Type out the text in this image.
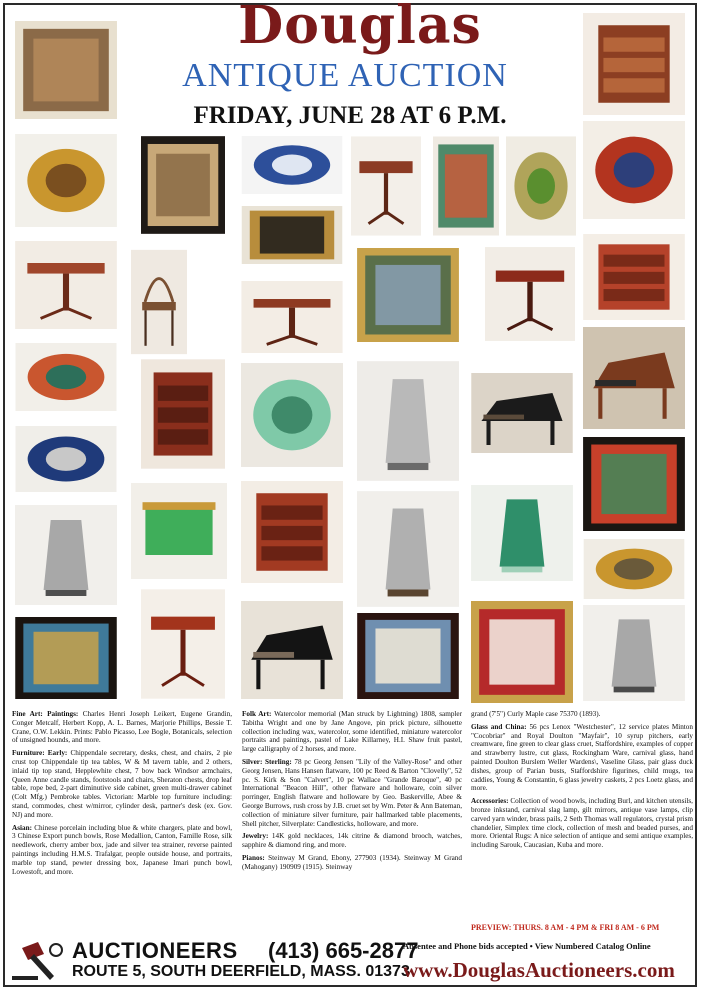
Douglas
ANTIQUE AUCTION
FRIDAY, JUNE 28 AT 6 P.M.

Fine Art: Paintings: Charles Henri Joseph Leikert, Eugene Grandin, Conger Metcalf, Herbert Kopp, A. L. Barnes, Marjorie Phillips, Bessie T. Crane, O.W. Lekkin. Prints: Pablo Picasso, Lee Bogle, Botanicals, selection of unsigned hounds, and more.

Furniture: Early: Chippendale secretary, desks, chest, and chairs, 2 pie crust top Chippendale tip tea tables, W & M tavern table, and 2 others, inlaid tip top stand, Hepplewhite chest, 7 bow back Windsor armchairs, Queen Anne candle stands, footstools and chairs, Sheraton chests, drop leaf table, rope bed, 2-part diminutive side cabinet, green multi-drawer cabinet (Colt Mfg.) Pembroke tables. Victorian: Marble top furniture including: stand, commodes, chest w/mirror, cylinder desk, partner's desk (ex. Gov. NJ) and more.

Asian: Chinese porcelain including blue & white chargers, plate and bowl, 3 Chinese Export punch bowls, Rose Medallion, Canton, Famille Rose, silk needlework, cherry amber box, jade and silver tea strainer, reverse painted paintings including H.M.S. Trafalgar, people outside house, and portraits, marble top stand, pewter dressing box, Japanese Imari punch bowl, Lowestoft, and more.

Folk Art: Watercolor memorial (Man struck by Lightning) 1808, sampler Tabitha Wright and one by Jane Angove, pin prick picture, silhouette collection including wax, watercolor, some identified, miniature watercolor portraits and paintings, pastel of Lake Killarney, H.I. Shaw fruit pastel, large calligraphy of 2 horses, and more.

Silver: Sterling: 78 pc Georg Jensen "Lily of the Valley-Rose" and other Georg Jensen, Hans Hansen flatware, 100 pc Reed & Barton "Clovelly", 52 pc. S. Kirk & Son "Calvert", 10 pc Wallace "Grande Baroque", 40 pc International "Beacon Hill", other flatware and holloware, coin silver porringer, English flatware and holloware by Geo. Baskerville, Abee & George Burrows, rush cross by J.B. cruet set by Wm. Peter & Ann Bateman, collection of miniature silver furniture, pair hallmarked table placements, Shell pitcher, Silverplate: Candlesticks, holloware, and more.

Jewelry: 14K gold necklaces, 14k citrine & diamond brooch, watches, sapphire & diamond ring, and more.

Pianos: Steinway M Grand, Ebony, 277903 (1934). Steinway M Grand (Mahogany) 190909 (1915). Steinway

grand (7'5") Curly Maple case 75370 (1893).

Glass and China: 56 pcs Lenox "Westchester", 12 service plates Minton "Cocobriar" and Royal Doulton "Mayfair", 10 syrup pitchers, early creamware, fine green to clear glass cruet, Staffordshire, examples of copper and strawberry lustre, cut glass, Rockingham Ware, carnival glass, hand painted Doulton Burslem Weller Wardens\, Vaseline Glass, pair glass duck dishes, group of Parian busts, Staffordshire figurines, child mugs, tea caddies, Young & Constantin, 6 glass jewelry caskets, 2 pcs Loetz glass, and more.

Accessories: Collection of wood bowls, including Burl, and kitchen utensils, bronze inkstand, carnival slag lamp, gilt mirrors, antique vase lamps, clip carved yarn winder, brass pails, 2 Seth Thomas wall regulators, crystal prism chandelier, Simplex time clock, collection of mesh and beaded purses, and more. Oriental Rugs: A nice selection of antique and semi antique examples, including Sarouk, Caucasian, Kuba and more.

PREVIEW: THURS. 8 AM - 4 PM & FRI 8 AM - 6 PM
AUCTIONEERS (413) 665-2877
ROUTE 5, SOUTH DEERFIELD, MASS. 01373
Absentee and Phone bids accepted • View Numbered Catalog Online
www.DouglasAuctioneers.com
